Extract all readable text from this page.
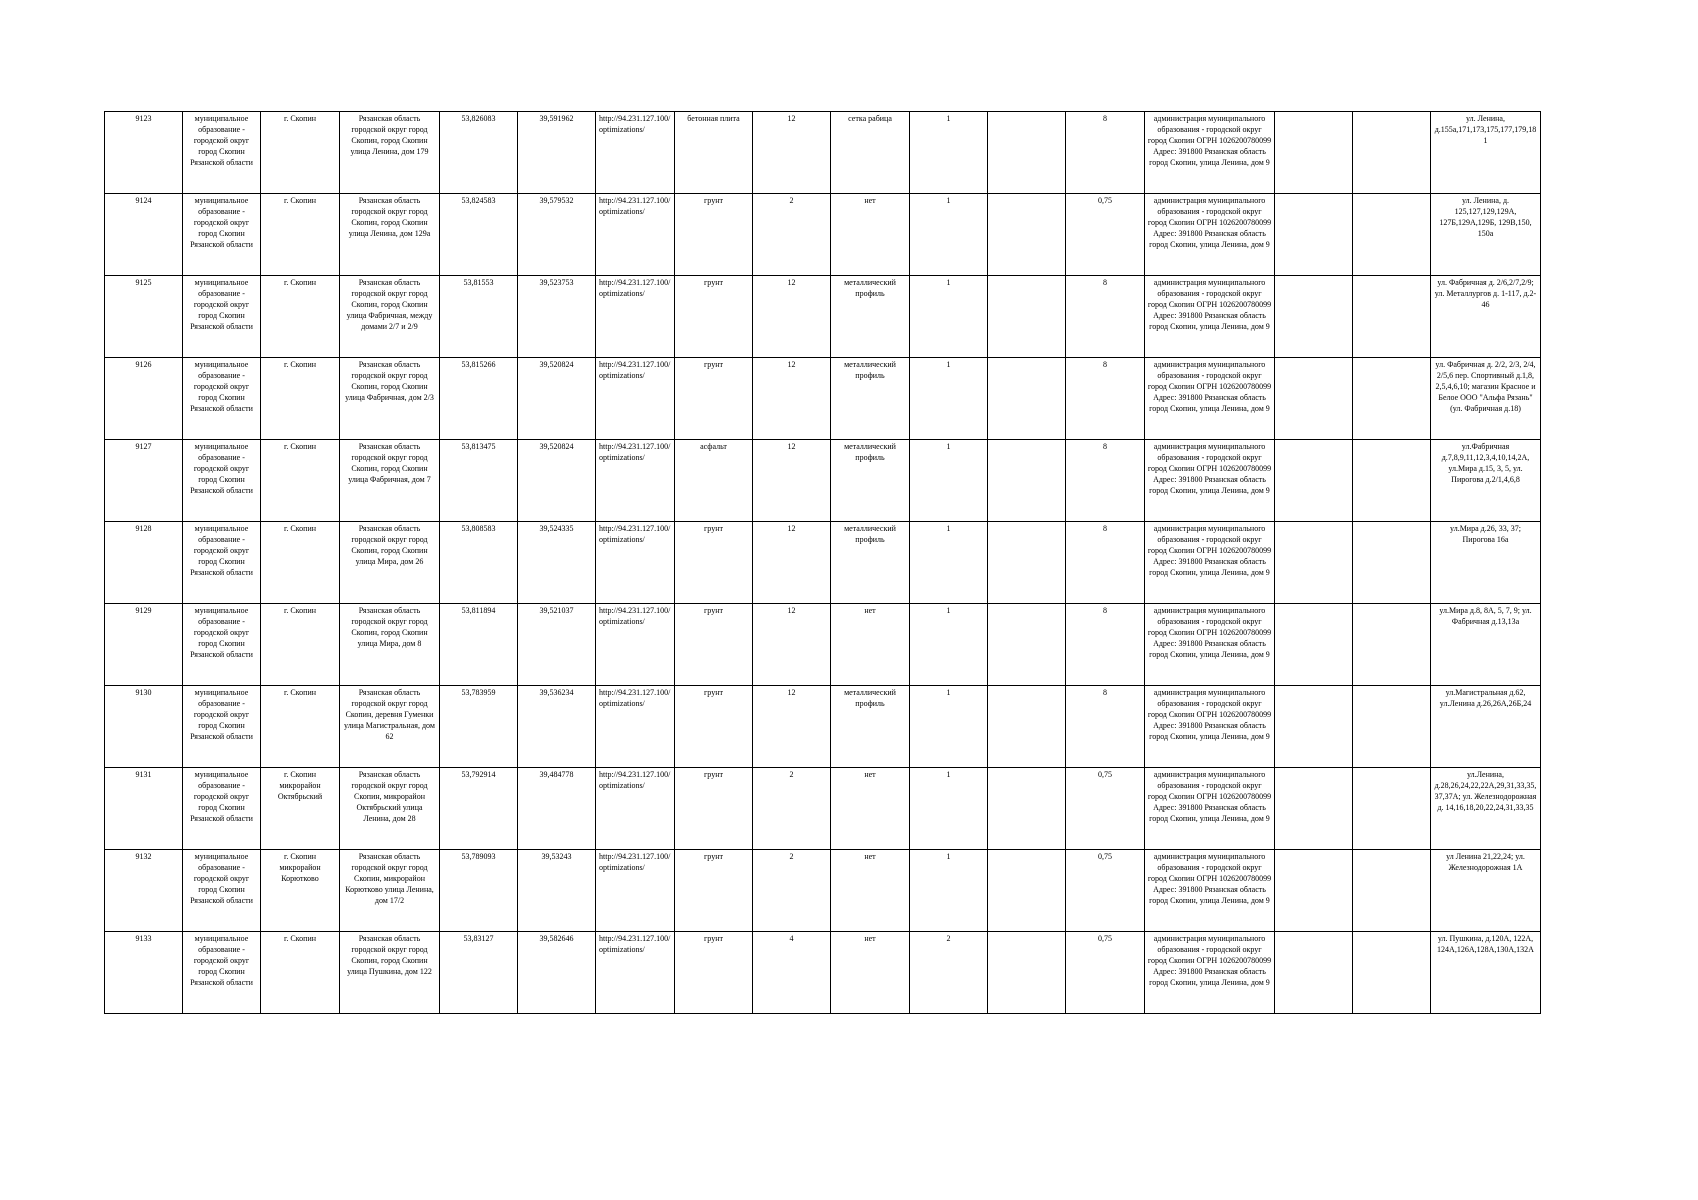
9123	муниципальное образование - городской округ город Скопин Рязанской области	г. Скопин	Рязанская область городской округ город Скопин, город Скопин улица Ленина, дом 179	53,826083	39,591962	http://94.231.127.100/optimizations/	бетонная плита	12	сетка рабица	1		8	администрация муниципального образования - городской округ город Скопин ОГРН 1026200780099 Адрес: 391800 Рязанская область город Скопин, улица Ленина, дом 9			ул. Ленина, д.155а,171,173,175,177,179,181
9124	муниципальное образование - городской округ город Скопин Рязанской области	г. Скопин	Рязанская область городской округ город Скопин, город Скопин улица Ленина, дом 129а	53,824583	39,579532	http://94.231.127.100/optimizations/	грунт	2	нет	1		0,75	администрация муниципального образования - городской округ город Скопин ОГРН 1026200780099 Адрес: 391800 Рязанская область город Скопин, улица Ленина, дом 9			ул. Ленина, д. 125,127,129,129А, 127Б,129А,129Б, 129В,150, 150а
9125	муниципальное образование - городской округ город Скопин Рязанской области	г. Скопин	Рязанская область городской округ город Скопин, город Скопин улица Фабричная, между домами 2/7 и 2/9	53,81553	39,523753	http://94.231.127.100/optimizations/	грунт	12	металлический профиль	1		8	администрация муниципального образования - городской округ город Скопин ОГРН 1026200780099 Адрес: 391800 Рязанская область город Скопин, улица Ленина, дом 9			ул. Фабричная д. 2/6,2/7,2/9; ул. Металлургов д. 1-117, д.2-46
9126	муниципальное образование - городской округ город Скопин Рязанской области	г. Скопин	Рязанская область городской округ город Скопин, город Скопин улица Фабричная, дом 2/3	53,815266	39,520824	http://94.231.127.100/optimizations/	грунт	12	металлический профиль	1		8	администрация муниципального образования - городской округ город Скопин ОГРН 1026200780099 Адрес: 391800 Рязанская область город Скопин, улица Ленина, дом 9			ул. Фабричная д. 2/2, 2/3, 2/4, 2/5,6 пер. Спортивный д.1,8, 2,5,4,6,10; магазин Красное и Белое ООО "Альфа Рязань" (ул. Фабричная д.18)
9127	муниципальное образование - городской округ город Скопин Рязанской области	г. Скопин	Рязанская область городской округ город Скопин, город Скопин улица Фабричная, дом 7	53,813475	39,520824	http://94.231.127.100/optimizations/	асфальт	12	металлический профиль	1		8	администрация муниципального образования - городской округ город Скопин ОГРН 1026200780099 Адрес: 391800 Рязанская область город Скопин, улица Ленина, дом 9			ул.Фабричная д.7,8,9,11,12,3,4,10,14,2А, ул.Мира д.15, 3, 5, ул. Пирогова д.2/1,4,6,8
9128	муниципальное образование - городской округ город Скопин Рязанской области	г. Скопин	Рязанская область городской округ город Скопин, город Скопин улица Мира, дом 26	53,808583	39,524335	http://94.231.127.100/optimizations/	грунт	12	металлический профиль	1		8	администрация муниципального образования - городской округ город Скопин ОГРН 1026200780099 Адрес: 391800 Рязанская область город Скопин, улица Ленина, дом 9			ул.Мира д.26, 33, 37; Пирогова 16а
9129	муниципальное образование - городской округ город Скопин Рязанской области	г. Скопин	Рязанская область городской округ город Скопин, город Скопин улица Мира, дом 8	53,811894	39,521037	http://94.231.127.100/optimizations/	грунт	12	нет	1		8	администрация муниципального образования - городской округ город Скопин ОГРН 1026200780099 Адрес: 391800 Рязанская область город Скопин, улица Ленина, дом 9			ул.Мира д.8, 8А, 5, 7, 9; ул. Фабричная д.13,13а
9130	муниципальное образование - городской округ город Скопин Рязанской области	г. Скопин	Рязанская область городской округ город Скопин, деревня Гуменки улица Магистральная, дом 62	53,783959	39,536234	http://94.231.127.100/optimizations/	грунт	12	металлический профиль	1		8	администрация муниципального образования - городской округ город Скопин ОГРН 1026200780099 Адрес: 391800 Рязанская область город Скопин, улица Ленина, дом 9			ул.Магистральная д.62, ул.Ленина д.26,26А,26Б,24
9131	муниципальное образование - городской округ город Скопин Рязанской области	г. Скопин микрорайон Октябрьский	Рязанская область городской округ город Скопин, микрорайон Октябрьский улица Ленина, дом 28	53,792914	39,484778	http://94.231.127.100/optimizations/	грунт	2	нет	1		0,75	администрация муниципального образования - городской округ город Скопин ОГРН 1026200780099 Адрес: 391800 Рязанская область город Скопин, улица Ленина, дом 9			ул.Ленина, д.28,26,24,22,22А,29,31,33,35,37,37А; ул. Железнодорожная д. 14,16,18,20,22,24,31,33,35
9132	муниципальное образование - городской округ город Скопин Рязанской области	г. Скопин микрорайон Корютково	Рязанская область городской округ город Скопин, микрорайон Корютково улица Ленина, дом 17/2	53,789093	39,53243	http://94.231.127.100/optimizations/	грунт	2	нет	1		0,75	администрация муниципального образования - городской округ город Скопин ОГРН 1026200780099 Адрес: 391800 Рязанская область город Скопин, улица Ленина, дом 9			ул Ленина 21,22,24; ул. Железнодорожная 1А
9133	муниципальное образование - городской округ город Скопин Рязанской области	г. Скопин	Рязанская область городской округ город Скопин, город Скопин улица Пушкина, дом 122	53,83127	39,582646	http://94.231.127.100/optimizations/	грунт	4	нет	2		0,75	администрация муниципального образования - городской округ город Скопин ОГРН 1026200780099 Адрес: 391800 Рязанская область город Скопин, улица Ленина, дом 9			ул. Пушкина, д.120А, 122А, 124А,126А,128А,130А,132А
